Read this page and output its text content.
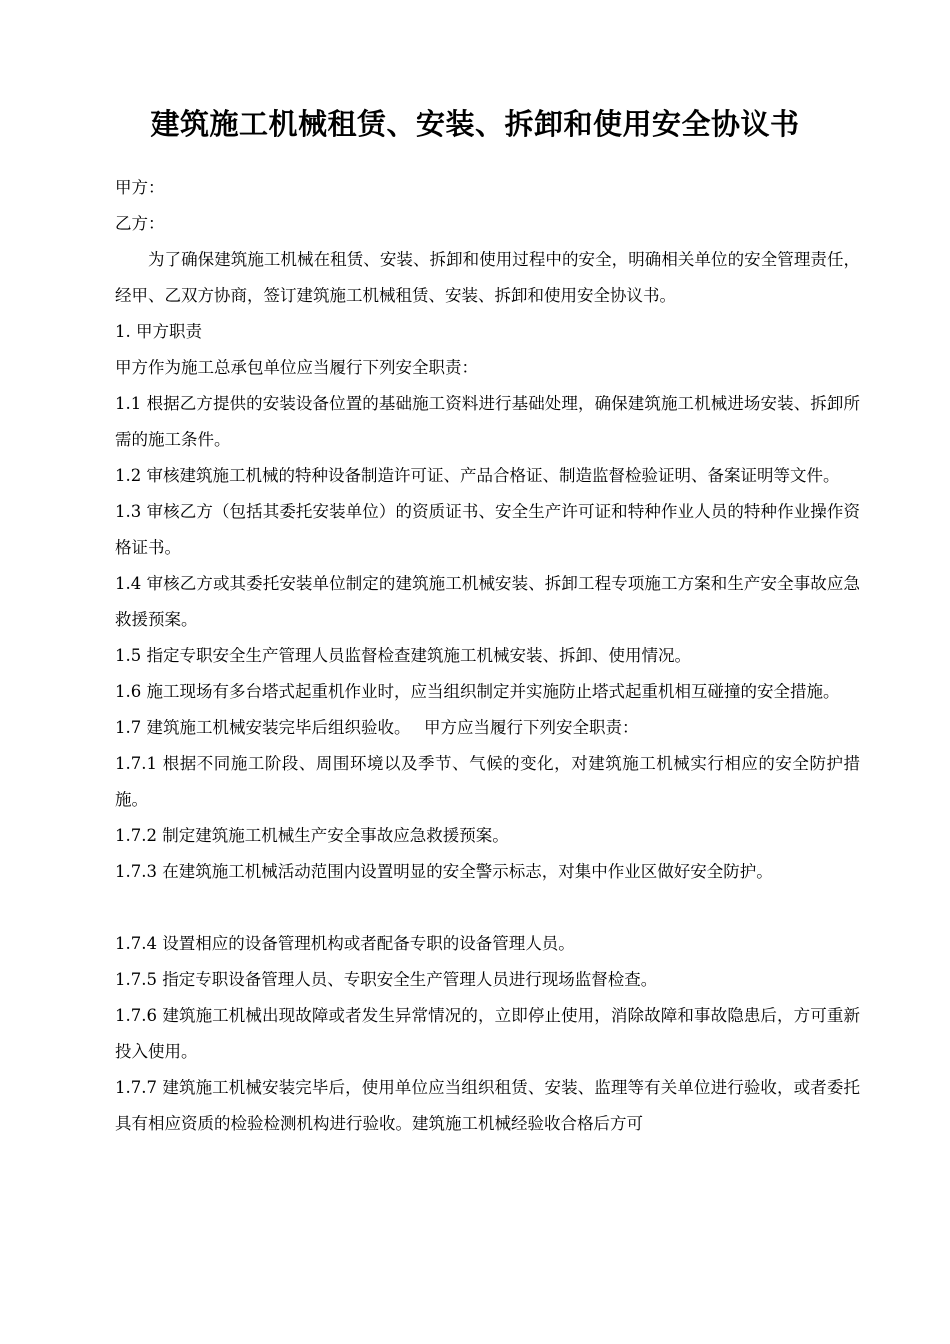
建筑施工机械租赁、安装、拆卸和使用安全协议书

甲方：

乙方：

为了确保建筑施工机械在租赁、安装、拆卸和使用过程中的安全，明确相关单位的安全管理责任，经甲、乙双方协商，签订建筑施工机械租赁、安装、拆卸和使用安全协议书。

1. 甲方职责

甲方作为施工总承包单位应当履行下列安全职责：

1.1 根据乙方提供的安装设备位置的基础施工资料进行基础处理，确保建筑施工机械进场安装、拆卸所需的施工条件。

1.2 审核建筑施工机械的特种设备制造许可证、产品合格证、制造监督检验证明、备案证明等文件。

1.3 审核乙方（包括其委托安装单位）的资质证书、安全生产许可证和特种作业人员的特种作业操作资格证书。

1.4 审核乙方或其委托安装单位制定的建筑施工机械安装、拆卸工程专项施工方案和生产安全事故应急救援预案。

1.5 指定专职安全生产管理人员监督检查建筑施工机械安装、拆卸、使用情况。

1.6 施工现场有多台塔式起重机作业时，应当组织制定并实施防止塔式起重机相互碰撞的安全措施。

1.7 建筑施工机械安装完毕后组织验收。　 甲方应当履行下列安全职责：

1.7.1 根据不同施工阶段、周围环境以及季节、气候的变化，对建筑施工机械实行相应的安全防护措施。

1.7.2 制定建筑施工机械生产安全事故应急救援预案。

1.7.3 在建筑施工机械活动范围内设置明显的安全警示标志，对集中作业区做好安全防护。

1.7.4 设置相应的设备管理机构或者配备专职的设备管理人员。

1.7.5 指定专职设备管理人员、专职安全生产管理人员进行现场监督检查。

1.7.6 建筑施工机械出现故障或者发生异常情况的，立即停止使用，消除故障和事故隐患后，方可重新投入使用。

1.7.7 建筑施工机械安装完毕后，使用单位应当组织租赁、安装、监理等有关单位进行验收，或者委托具有相应资质的检验检测机构进行验收。建筑施工机械经验收合格后方可
